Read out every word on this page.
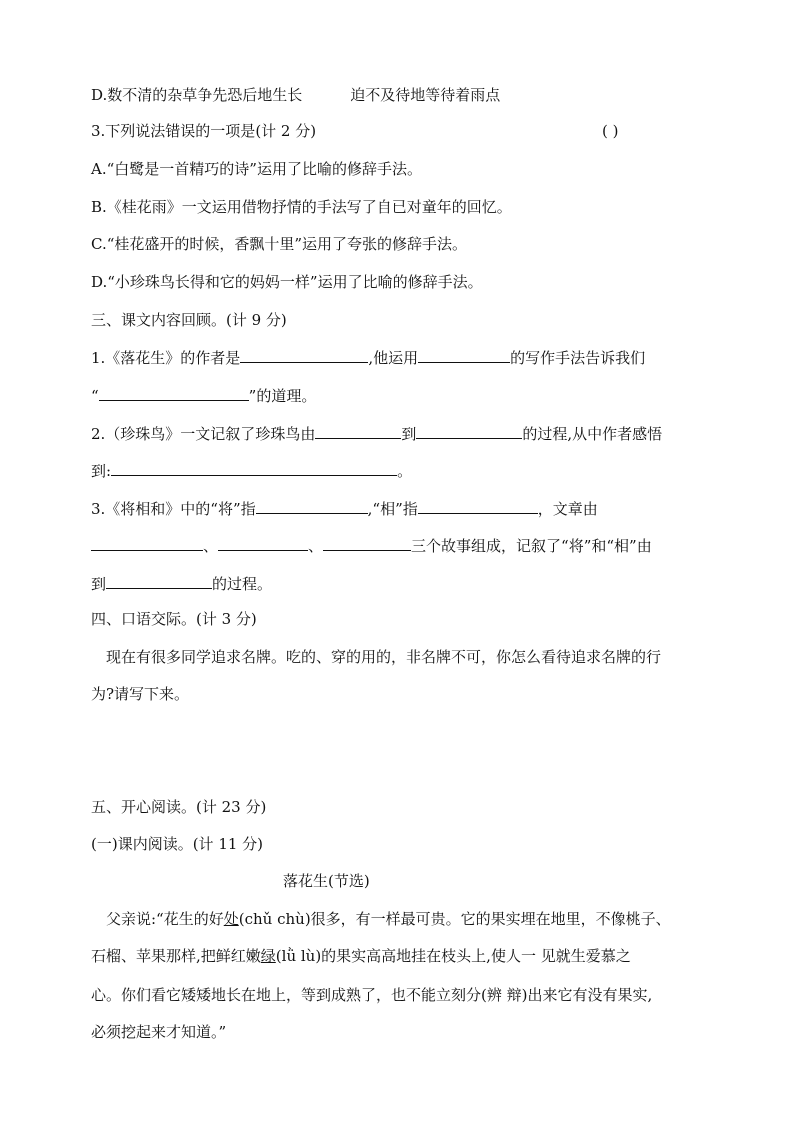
D.数不清的杂草争先恐后地生长	迫不及待地等待着雨点
3.下列说法错误的一项是(计 2 分)	( )
A.“白鹭是一首精巧的诗”运用了比喻的修辞手法。
B.《桂花雨》一文运用借物抒情的手法写了自已对童年的回忆。
C.“桂花盛开的时候，香飘十里”运用了夸张的修辞手法。
D.“小珍珠鸟长得和它的妈妈一样”运用了比喻的修辞手法。
三、课文内容回顾。(计 9 分)
1.《落花生》的作者是	,他运用	的写作手法告诉我们
“	”的道理。
2.（珍珠鸟》一文记叙了珍珠鸟由	到	的过程,从中作者感悟
到:	。
3.《将相和》中的“将”指	,“相”指	，文章由
、	、	三个故事组成，记叙了“将”和“相”由
到	的过程。
四、口语交际。(计 3 分)
现在有很多同学追求名牌。吃的、穿的用的，非名牌不可，你怎么看待追求名牌的行
为?请写下来。
五、开心阅读。(计 23 分)
(一)课内阅读。(计 11 分)
落花生(节选)
父亲说:“花生的好处(chǔ chù)很多，有一样最可贵。它的果实埋在地里，不像桃子、
石榴、苹果那样,把鲜红嫩绿(lǜ lù)的果实高高地挂在枝头上,使人一 见就生爱慕之
心。你们看它矮矮地长在地上，等到成熟了，也不能立刻分(辨 辩)出来它有没有果实,
必须挖起来才知道。”
